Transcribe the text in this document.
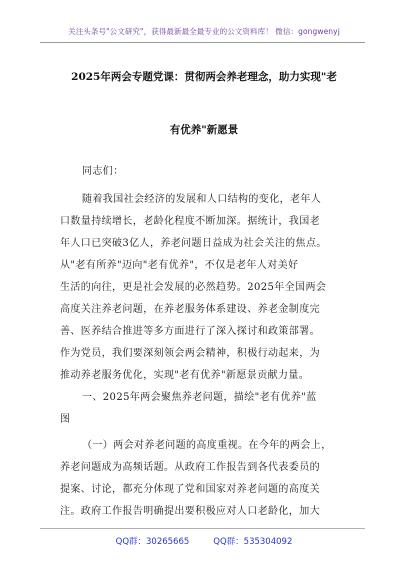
关注头条号"公文研究"，获得最新最全最专业的公文资料库！ 微信：gongwenyj
2025年两会专题党课：贯彻两会养老理念，助力实现"老
有优养"新愿景
同志们：
随着我国社会经济的发展和人口结构的变化，老年人
口数量持续增长，老龄化程度不断加深。据统计，我国老
年人口已突破3亿人，养老问题日益成为社会关注的焦点。
从"老有所养"迈向"老有优养"，不仅是老年人对美好
生活的向往，更是社会发展的必然趋势。2025年全国两会
高度关注养老问题，在养老服务体系建设、养老金制度完
善、医养结合推进等多方面进行了深入探讨和政策部署。
作为党员，我们要深刻领会两会精神，积极行动起来，为
推动养老服务优化，实现"老有优养"新愿景贡献力量。
一、2025年两会聚焦养老问题，描绘"老有优养"蓝
图
（一）两会对养老问题的高度重视。在今年的两会上，
养老问题成为高频话题。从政府工作报告到各代表委员的
提案、讨论，都充分体现了党和国家对养老问题的高度关
注。政府工作报告明确提出要积极应对人口老龄化，加大
QQ群：30265665	QQ群：535304092
